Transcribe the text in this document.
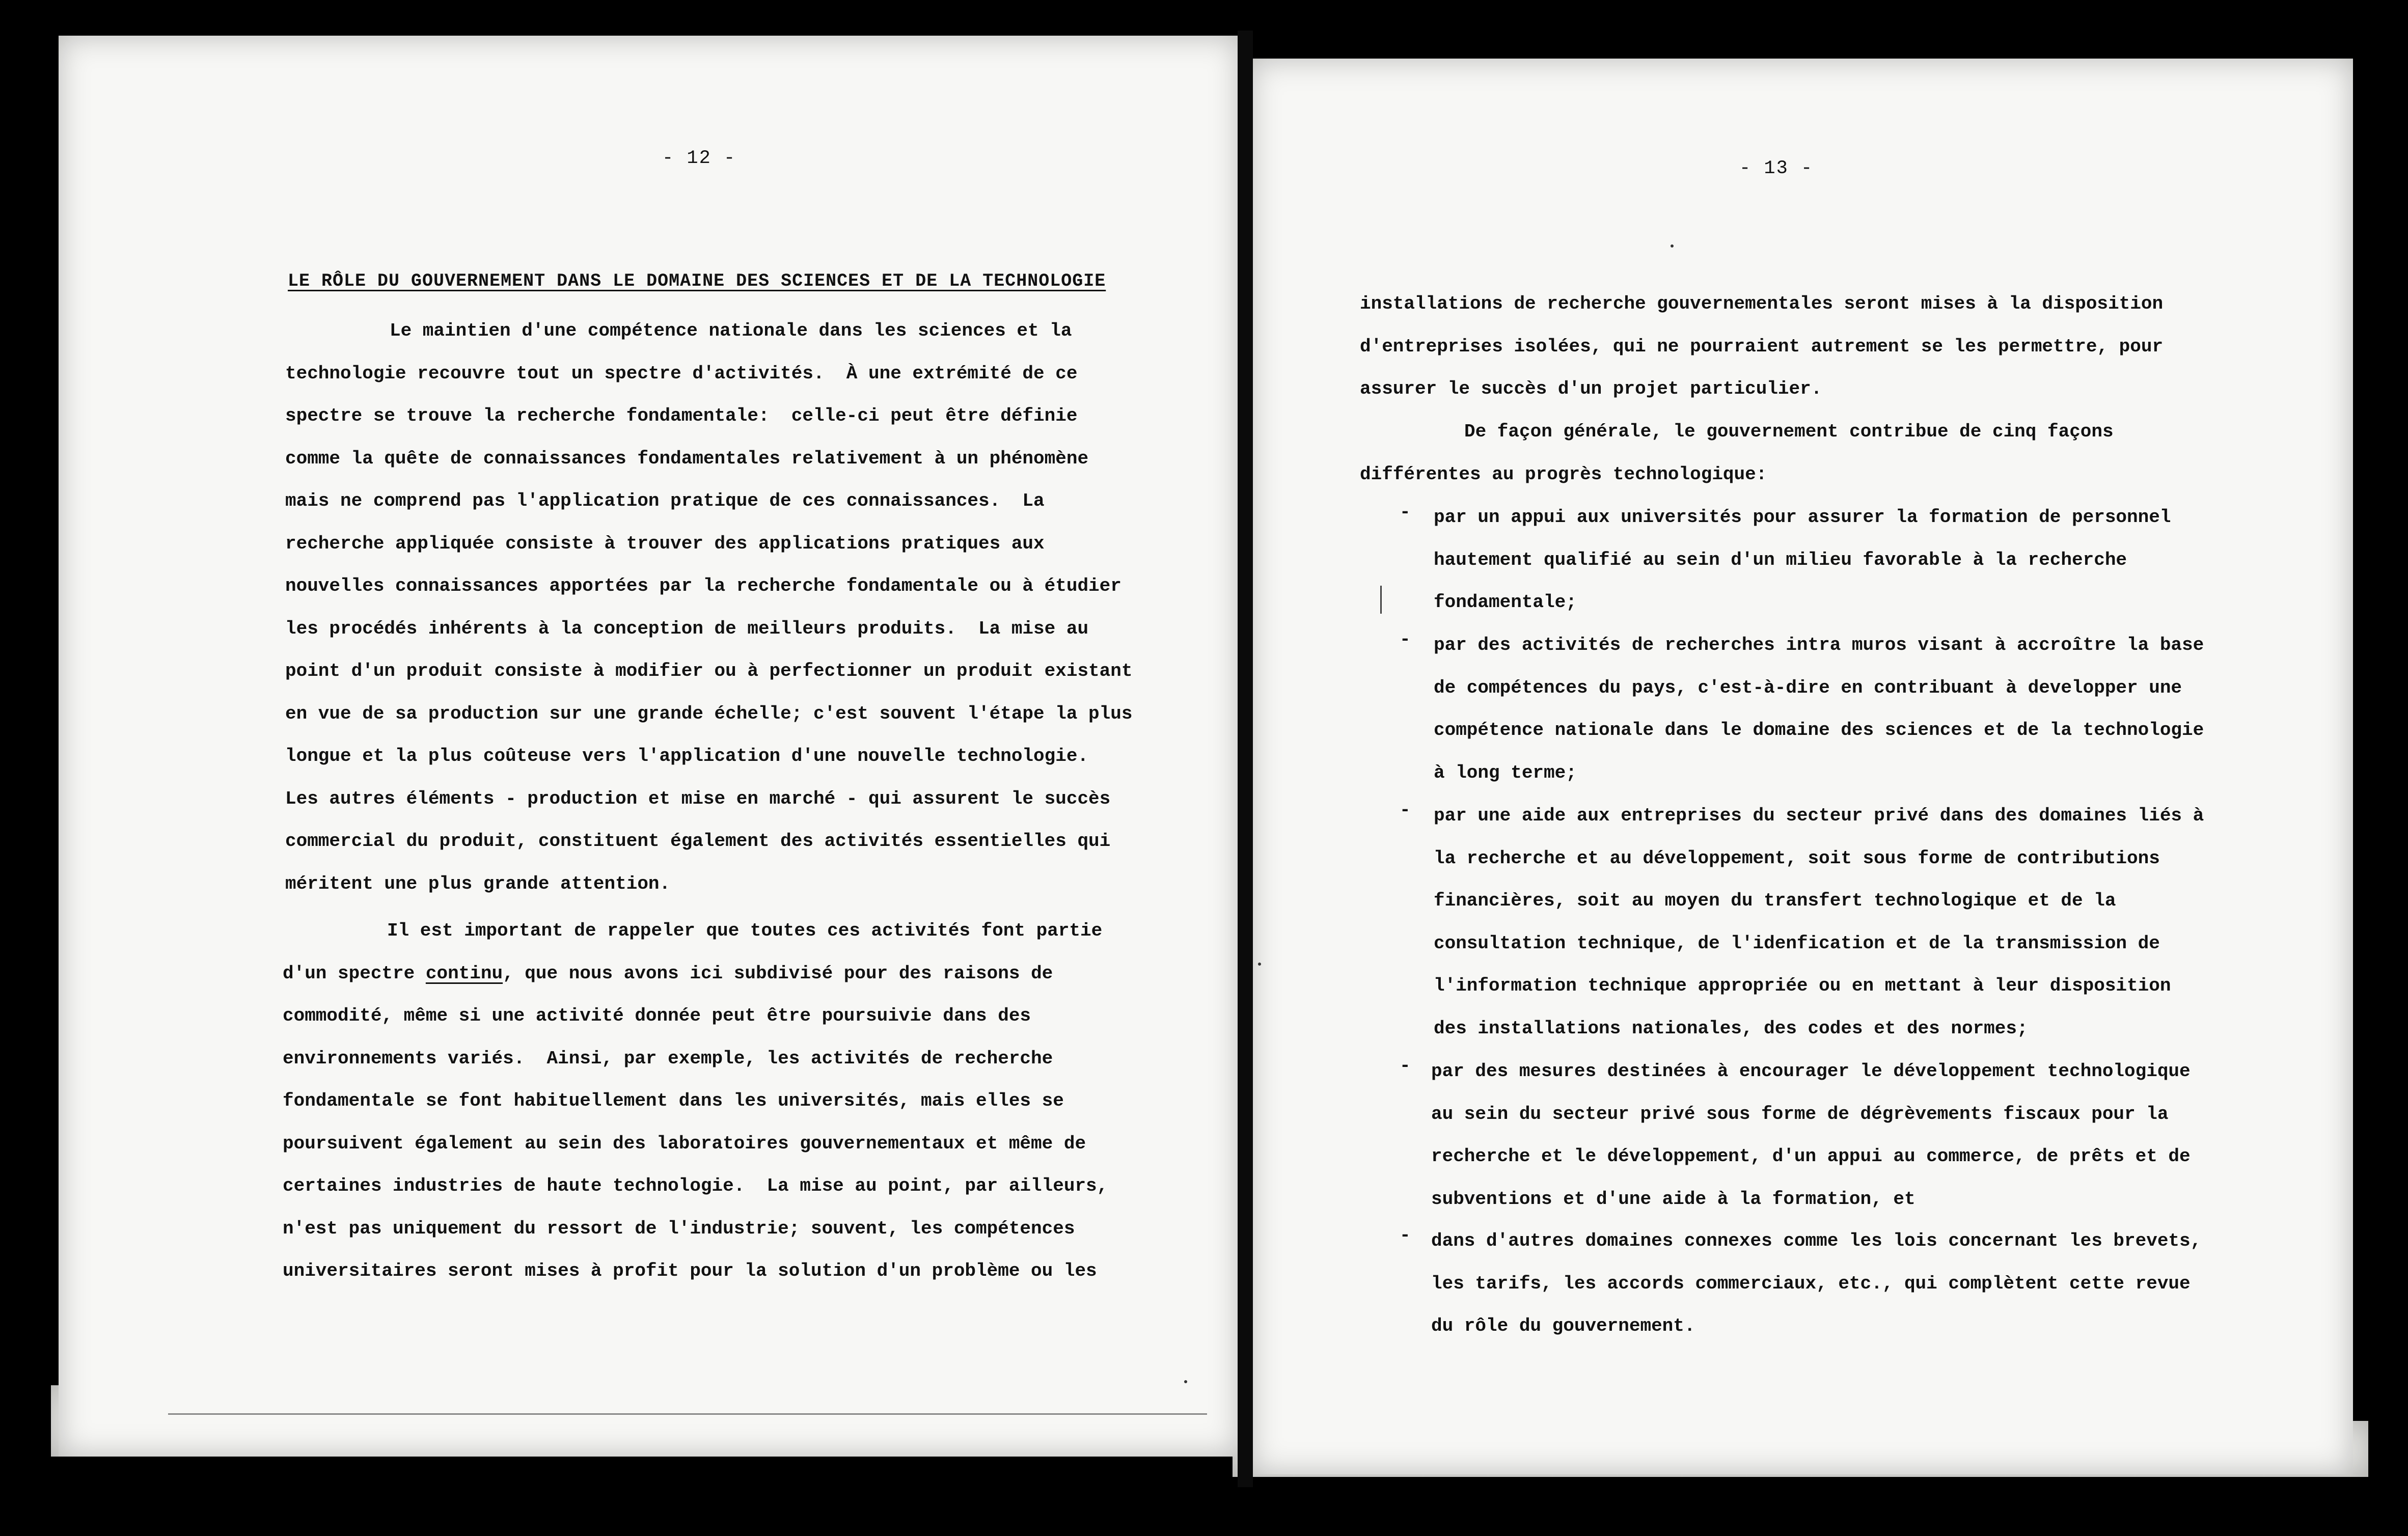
- 12 -
LE RÔLE DU GOUVERNEMENT DANS LE DOMAINE DES SCIENCES ET DE LA TECHNOLOGIE
Le maintien d'une compétence nationale dans les sciences et la
technologie recouvre tout un spectre d'activités.  À une extrémité de ce
spectre se trouve la recherche fondamentale:  celle-ci peut être définie
comme la quête de connaissances fondamentales relativement à un phénomène
mais ne comprend pas l'application pratique de ces connaissances.  La
recherche appliquée consiste à trouver des applications pratiques aux
nouvelles connaissances apportées par la recherche fondamentale ou à étudier
les procédés inhérents à la conception de meilleurs produits.  La mise au
point d'un produit consiste à modifier ou à perfectionner un produit existant
en vue de sa production sur une grande échelle; c'est souvent l'étape la plus
longue et la plus coûteuse vers l'application d'une nouvelle technologie.
Les autres éléments - production et mise en marché - qui assurent le succès
commercial du produit, constituent également des activités essentielles qui
méritent une plus grande attention.
Il est important de rappeler que toutes ces activités font partie
d'un spectre continu, que nous avons ici subdivisé pour des raisons de
commodité, même si une activité donnée peut être poursuivie dans des
environnements variés.  Ainsi, par exemple, les activités de recherche
fondamentale se font habituellement dans les universités, mais elles se
poursuivent également au sein des laboratoires gouvernementaux et même de
certaines industries de haute technologie.  La mise au point, par ailleurs,
n'est pas uniquement du ressort de l'industrie; souvent, les compétences
universitaires seront mises à profit pour la solution d'un problème ou les
- 13 -
installations de recherche gouvernementales seront mises à la disposition
d'entreprises isolées, qui ne pourraient autrement se les permettre, pour
assurer le succès d'un projet particulier.
De façon générale, le gouvernement contribue de cinq façons
différentes au progrès technologique:
-
-
-
-
-
par un appui aux universités pour assurer la formation de personnel
hautement qualifié au sein d'un milieu favorable à la recherche
fondamentale;
par des activités de recherches intra muros visant à accroître la base
de compétences du pays, c'est-à-dire en contribuant à developper une
compétence nationale dans le domaine des sciences et de la technologie
à long terme;
par une aide aux entreprises du secteur privé dans des domaines liés à
la recherche et au développement, soit sous forme de contributions
financières, soit au moyen du transfert technologique et de la
consultation technique, de l'idenfication et de la transmission de
l'information technique appropriée ou en mettant à leur disposition
des installations nationales, des codes et des normes;
par des mesures destinées à encourager le développement technologique
au sein du secteur privé sous forme de dégrèvements fiscaux pour la
recherche et le développement, d'un appui au commerce, de prêts et de
subventions et d'une aide à la formation, et
dans d'autres domaines connexes comme les lois concernant les brevets,
les tarifs, les accords commerciaux, etc., qui complètent cette revue
du rôle du gouvernement.
